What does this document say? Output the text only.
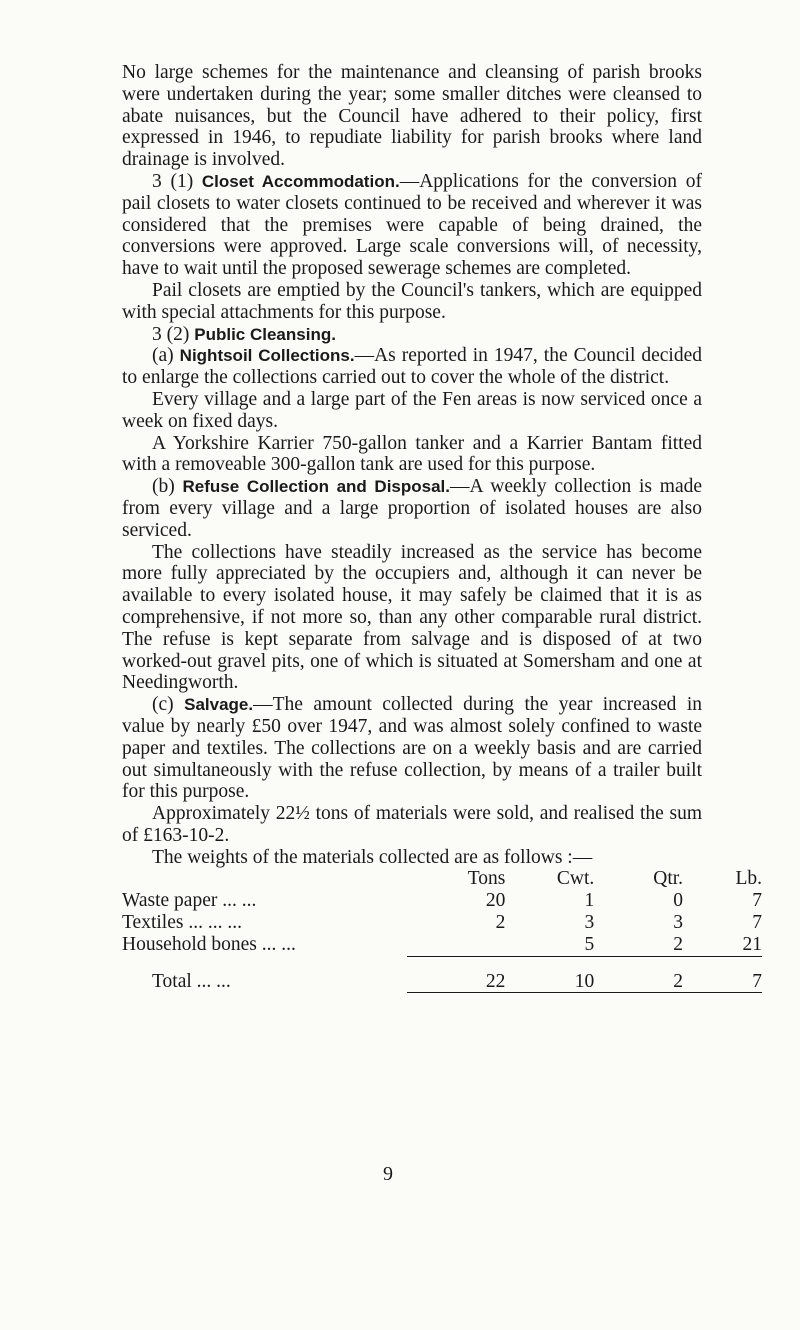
No large schemes for the maintenance and cleansing of parish brooks were undertaken during the year; some smaller ditches were cleansed to abate nuisances, but the Council have adhered to their policy, first expressed in 1946, to repudiate liability for parish brooks where land drainage is involved.

3 (1) Closet Accommodation.—Applications for the conversion of pail closets to water closets continued to be received and wherever it was considered that the premises were capable of being drained, the conversions were approved. Large scale conversions will, of necessity, have to wait until the proposed sewerage schemes are completed.

Pail closets are emptied by the Council's tankers, which are equipped with special attachments for this purpose.

3 (2) Public Cleansing.

(a) Nightsoil Collections.—As reported in 1947, the Council decided to enlarge the collections carried out to cover the whole of the district.

Every village and a large part of the Fen areas is now serviced once a week on fixed days.

A Yorkshire Karrier 750-gallon tanker and a Karrier Bantam fitted with a removeable 300-gallon tank are used for this purpose.

(b) Refuse Collection and Disposal.—A weekly collection is made from every village and a large proportion of isolated houses are also serviced.

The collections have steadily increased as the service has become more fully appreciated by the occupiers and, although it can never be available to every isolated house, it may safely be claimed that it is as comprehensive, if not more so, than any other comparable rural district. The refuse is kept separate from salvage and is disposed of at two worked-out gravel pits, one of which is situated at Somersham and one at Needingworth.

(c) Salvage.—The amount collected during the year increased in value by nearly £50 over 1947, and was almost solely confined to waste paper and textiles. The collections are on a weekly basis and are carried out simultaneously with the refuse collection, by means of a trailer built for this purpose.

Approximately 22½ tons of materials were sold, and realised the sum of £163-10-2.

The weights of the materials collected are as follows :—

	Tons	Cwt.	Qtr.	Lb.
Waste paper ... ...	20	1	0	7
Textiles ... ... ...	2	3	3	7
Household bones ... ...		5	2	21
Total ... ...	22	10	2	7

9
